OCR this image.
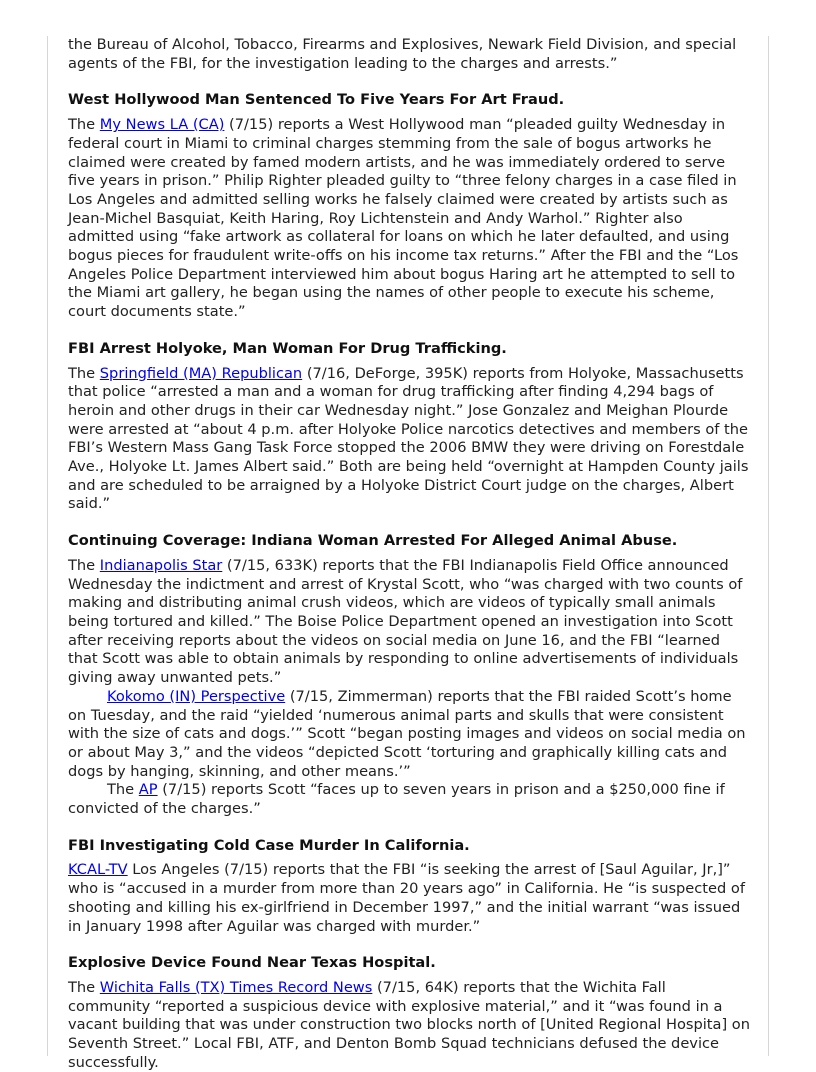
the Bureau of Alcohol, Tobacco, Firearms and Explosives, Newark Field Division, and special agents of the FBI, for the investigation leading to the charges and arrests.”

West Hollywood Man Sentenced To Five Years For Art Fraud.

The My News LA (CA) (7/15) reports a West Hollywood man “pleaded guilty Wednesday in federal court in Miami to criminal charges stemming from the sale of bogus artworks he claimed were created by famed modern artists, and he was immediately ordered to serve five years in prison.” Philip Righter pleaded guilty to “three felony charges in a case filed in Los Angeles and admitted selling works he falsely claimed were created by artists such as Jean-Michel Basquiat, Keith Haring, Roy Lichtenstein and Andy Warhol.” Righter also admitted using “fake artwork as collateral for loans on which he later defaulted, and using bogus pieces for fraudulent write-offs on his income tax returns.” After the FBI and the “Los Angeles Police Department interviewed him about bogus Haring art he attempted to sell to the Miami art gallery, he began using the names of other people to execute his scheme, court documents state.”

FBI Arrest Holyoke, Man Woman For Drug Trafficking.

The Springfield (MA) Republican (7/16, DeForge, 395K) reports from Holyoke, Massachusetts that police “arrested a man and a woman for drug trafficking after finding 4,294 bags of heroin and other drugs in their car Wednesday night.” Jose Gonzalez and Meighan Plourde were arrested at “about 4 p.m. after Holyoke Police narcotics detectives and members of the FBI’s Western Mass Gang Task Force stopped the 2006 BMW they were driving on Forestdale Ave., Holyoke Lt. James Albert said.” Both are being held “overnight at Hampden County jails and are scheduled to be arraigned by a Holyoke District Court judge on the charges, Albert said.”

Continuing Coverage: Indiana Woman Arrested For Alleged Animal Abuse.

The Indianapolis Star (7/15, 633K) reports that the FBI Indianapolis Field Office announced Wednesday the indictment and arrest of Krystal Scott, who “was charged with two counts of making and distributing animal crush videos, which are videos of typically small animals being tortured and killed.” The Boise Police Department opened an investigation into Scott after receiving reports about the videos on social media on June 16, and the FBI “learned that Scott was able to obtain animals by responding to online advertisements of individuals giving away unwanted pets.”

Kokomo (IN) Perspective (7/15, Zimmerman) reports that the FBI raided Scott’s home on Tuesday, and the raid “yielded ‘numerous animal parts and skulls that were consistent with the size of cats and dogs.’” Scott “began posting images and videos on social media on or about May 3,” and the videos “depicted Scott ‘torturing and graphically killing cats and dogs by hanging, skinning, and other means.’”

The AP (7/15) reports Scott “faces up to seven years in prison and a $250,000 fine if convicted of the charges.”

FBI Investigating Cold Case Murder In California.

KCAL-TV Los Angeles (7/15) reports that the FBI “is seeking the arrest of [Saul Aguilar, Jr,]” who is “accused in a murder from more than 20 years ago” in California. He “is suspected of shooting and killing his ex-girlfriend in December 1997,” and the initial warrant “was issued in January 1998 after Aguilar was charged with murder.”

Explosive Device Found Near Texas Hospital.

The Wichita Falls (TX) Times Record News (7/15, 64K) reports that the Wichita Fall community “reported a suspicious device with explosive material,” and it “was found in a vacant building that was under construction two blocks north of [United Regional Hospita] on Seventh Street.” Local FBI, ATF, and Denton Bomb Squad technicians defused the device successfully.
